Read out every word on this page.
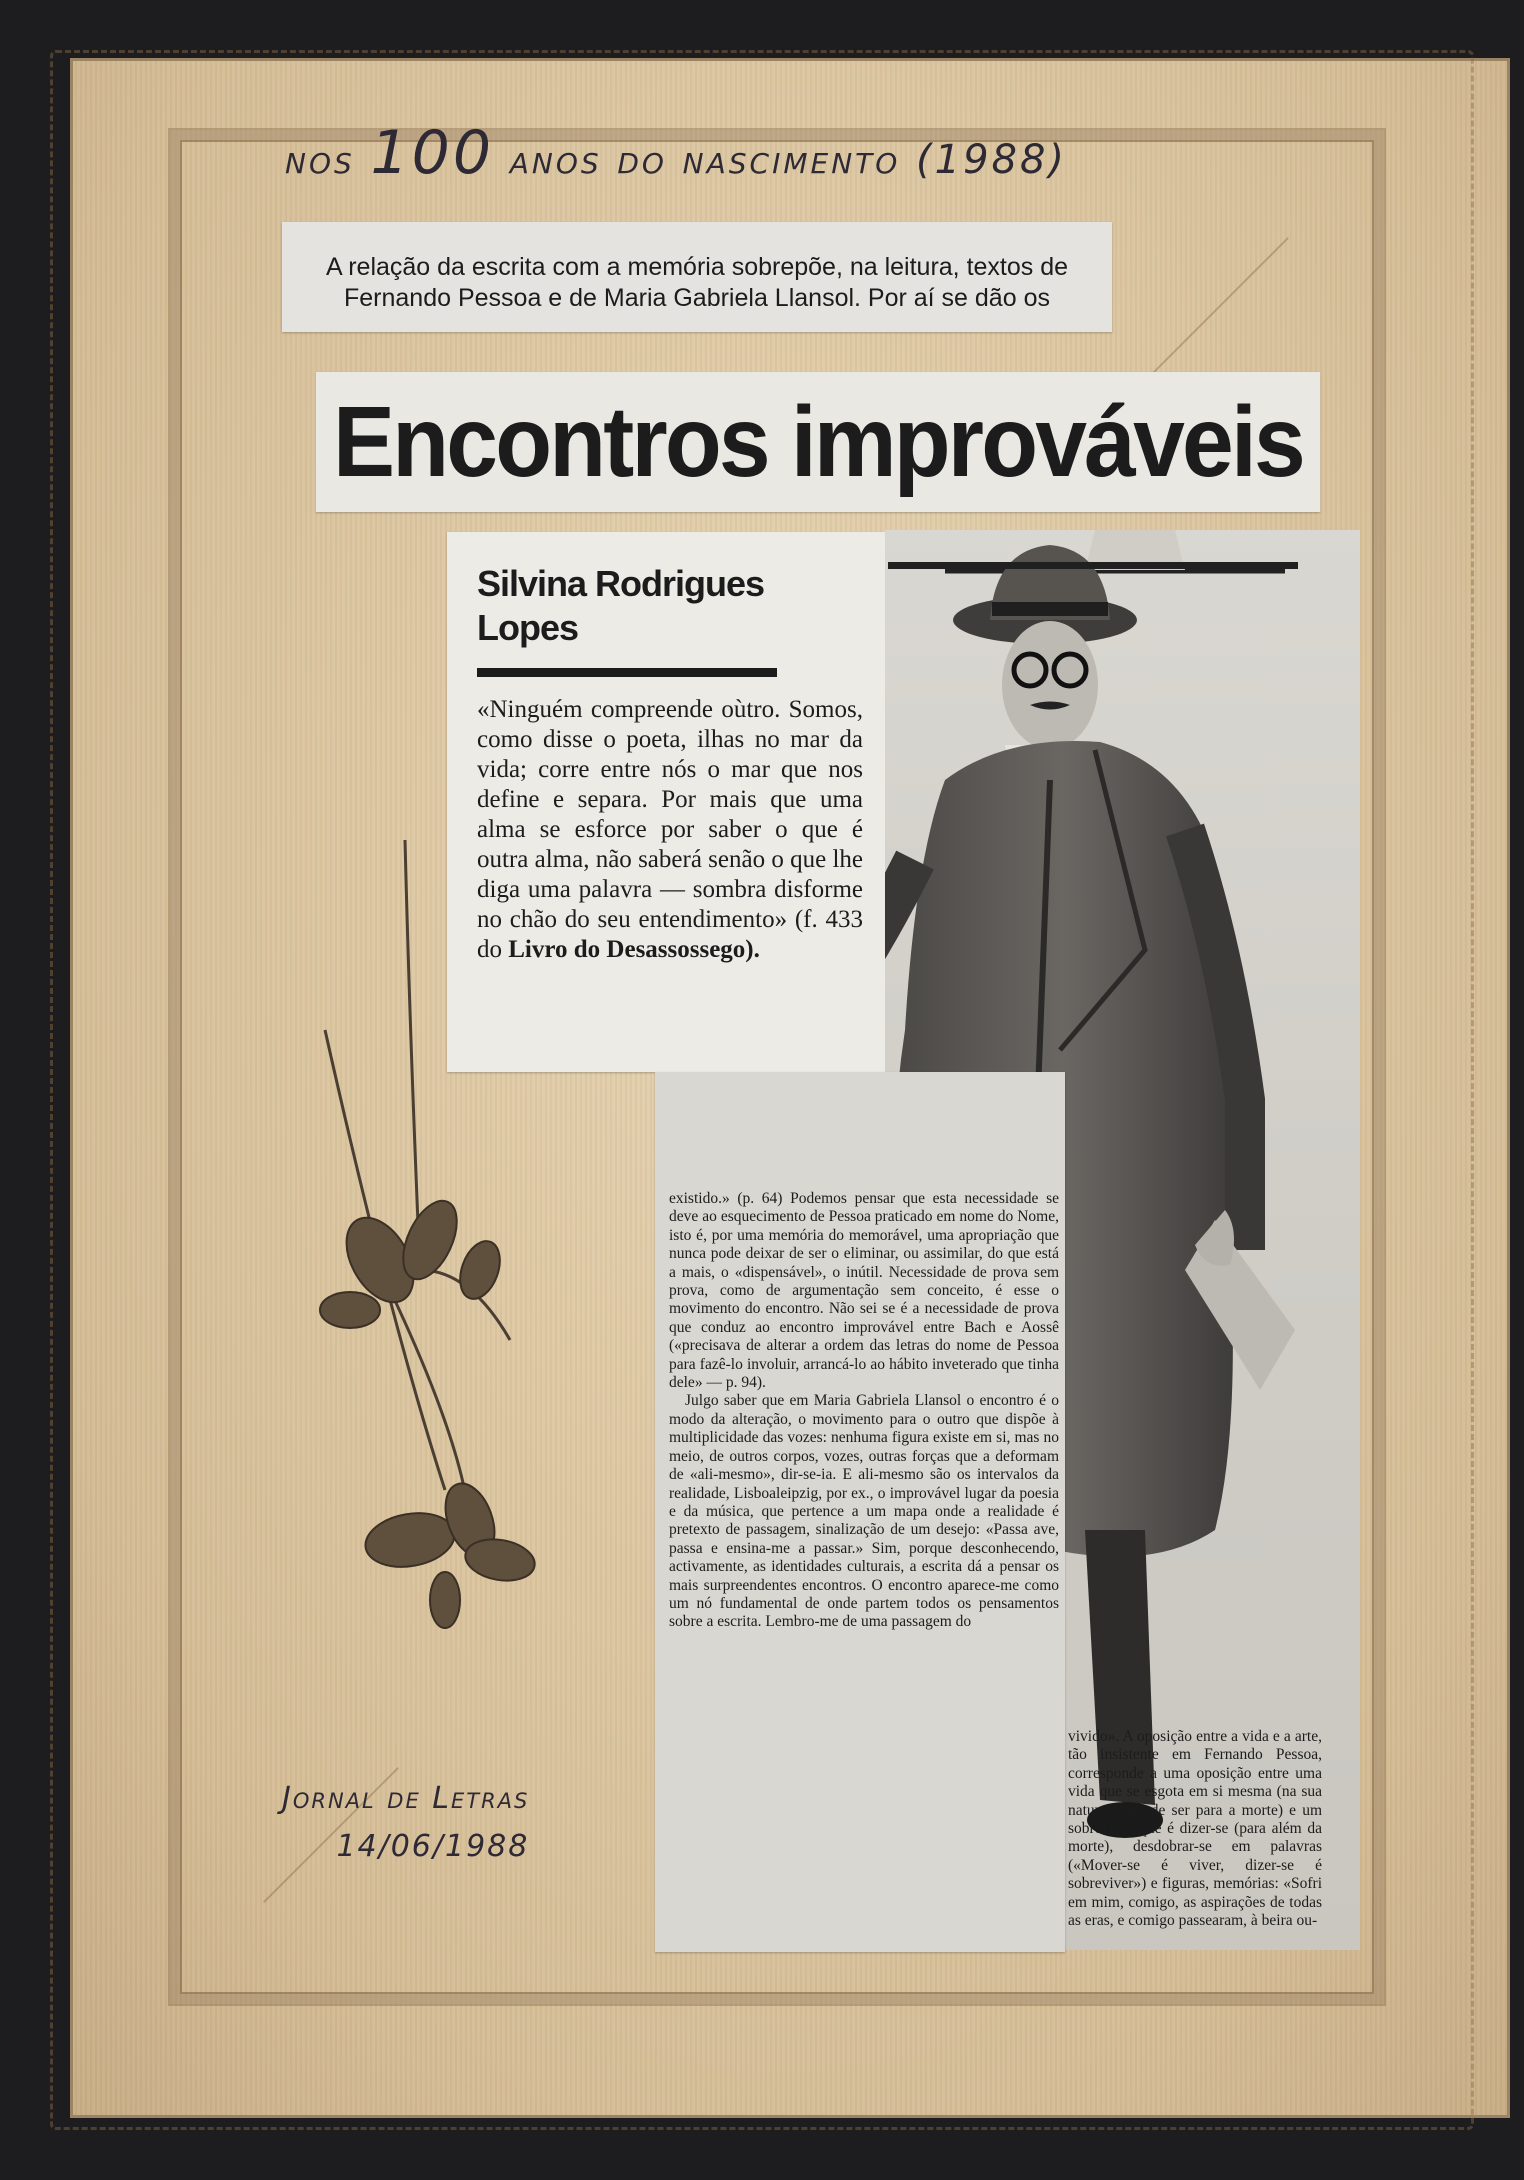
nos 100 anos do nascimento (1988)
A relação da escrita com a memória sobrepõe, na leitura, textos de Fernando Pessoa e de Maria Gabriela Llansol. Por aí se dão os
Encontros improváveis
Silvina Rodrigues
Lopes
«Ninguém compreende oùtro. Somos, como disse o poeta, ilhas no mar da vida; corre entre nós o mar que nos define e separa. Por mais que uma alma se esforce por saber o que é outra alma, não saberá senão o que lhe diga uma palavra — sombra disforme no chão do seu entendimento» (f. 433 do Livro do Desassossego).

existido.» (p. 64) Podemos pensar que esta necessidade se deve ao esquecimento de Pessoa praticado em nome do Nome, isto é, por uma memória do memorável, uma apropriação que nunca pode deixar de ser o eliminar, ou assimilar, do que está a mais, o «dispensável», o inútil. Necessidade de prova sem prova, como de argumentação sem conceito, é esse o movimento do encontro. Não sei se é a necessidade de prova que conduz ao encontro improvável entre Bach e Aossê («precisava de alterar a ordem das letras do nome de Pessoa para fazê-lo involuir, arrancá-lo ao hábito inveterado que tinha dele» — p. 94).

Julgo saber que em Maria Gabriela Llansol o encontro é o modo da alteração, o movimento para o outro que dispõe à multiplicidade das vozes: nenhuma figura existe em si, mas no meio, de outros corpos, vozes, outras forças que a deformam de «ali-mesmo», dir-se-ia. E ali-mesmo são os intervalos da realidade, Lisboaleipzig, por ex., o improvável lugar da poesia e da música, que pertence a um mapa onde a realidade é pretexto de passagem, sinalização de um desejo: «Passa ave, passa e ensina-me a passar.» Sim, porque desconhecendo, activamente, as identidades culturais, a escrita dá a pensar os mais surpreendentes encontros. O encontro aparece-me como um nó fundamental de onde partem todos os pensamentos sobre a escrita. Lembro-me de uma passagem do

vivido». A oposição entre a vida e a arte, tão insistente em Fernando Pessoa, corresponde a uma oposição entre uma vida que se esgota em si mesma (na sua naturalidade de ser para a morte) e um sobreviver que é dizer-se (para além da morte), desdobrar-se em palavras («Mover-se é viver, dizer-se é sobreviver») e figuras, memórias: «Sofri em mim, comigo, as aspirações de todas as eras, e comigo passearam, à beira ou-
Jornal de Letras
14/06/1988
